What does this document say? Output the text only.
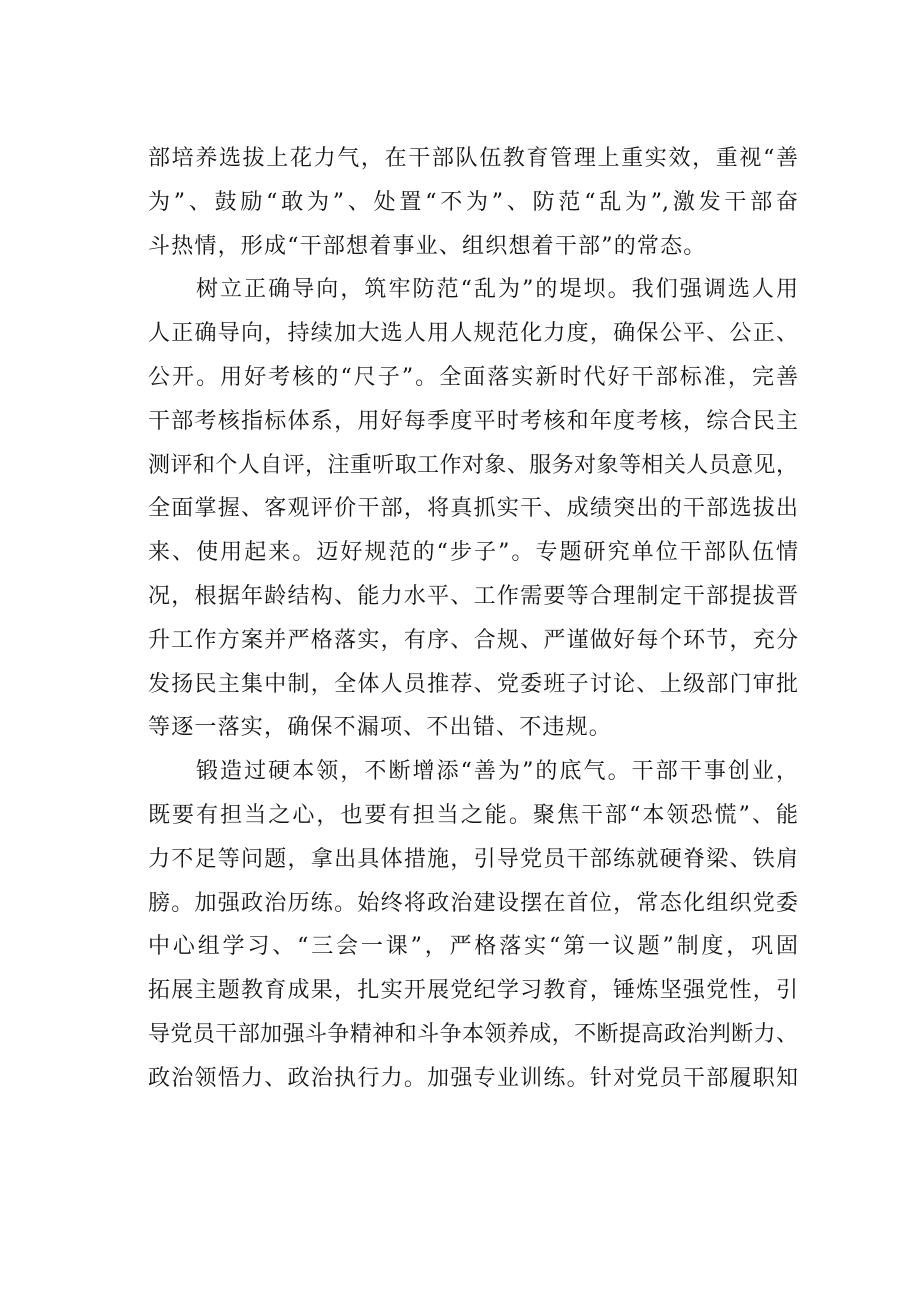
部培养选拔上花力气，在干部队伍教育管理上重实效，重视“善
为”、鼓励“敢为”、处置“不为”、防范“乱为”,激发干部奋
斗热情，形成“干部想着事业、组织想着干部”的常态。
树立正确导向，筑牢防范“乱为”的堤坝。我们强调选人用
人正确导向，持续加大选人用人规范化力度，确保公平、公正、
公开。用好考核的“尺子”。全面落实新时代好干部标准，完善
干部考核指标体系，用好每季度平时考核和年度考核，综合民主
测评和个人自评，注重听取工作对象、服务对象等相关人员意见，
全面掌握、客观评价干部，将真抓实干、成绩突出的干部选拔出
来、使用起来。迈好规范的“步子”。专题研究单位干部队伍情
况，根据年龄结构、能力水平、工作需要等合理制定干部提拔晋
升工作方案并严格落实，有序、合规、严谨做好每个环节，充分
发扬民主集中制，全体人员推荐、党委班子讨论、上级部门审批
等逐一落实，确保不漏项、不出错、不违规。
锻造过硬本领，不断增添“善为”的底气。干部干事创业，
既要有担当之心，也要有担当之能。聚焦干部“本领恐慌”、能
力不足等问题，拿出具体措施，引导党员干部练就硬脊梁、铁肩
膀。加强政治历练。始终将政治建设摆在首位，常态化组织党委
中心组学习、“三会一课”，严格落实“第一议题”制度，巩固
拓展主题教育成果，扎实开展党纪学习教育，锤炼坚强党性，引
导党员干部加强斗争精神和斗争本领养成，不断提高政治判断力、
政治领悟力、政治执行力。加强专业训练。针对党员干部履职知
